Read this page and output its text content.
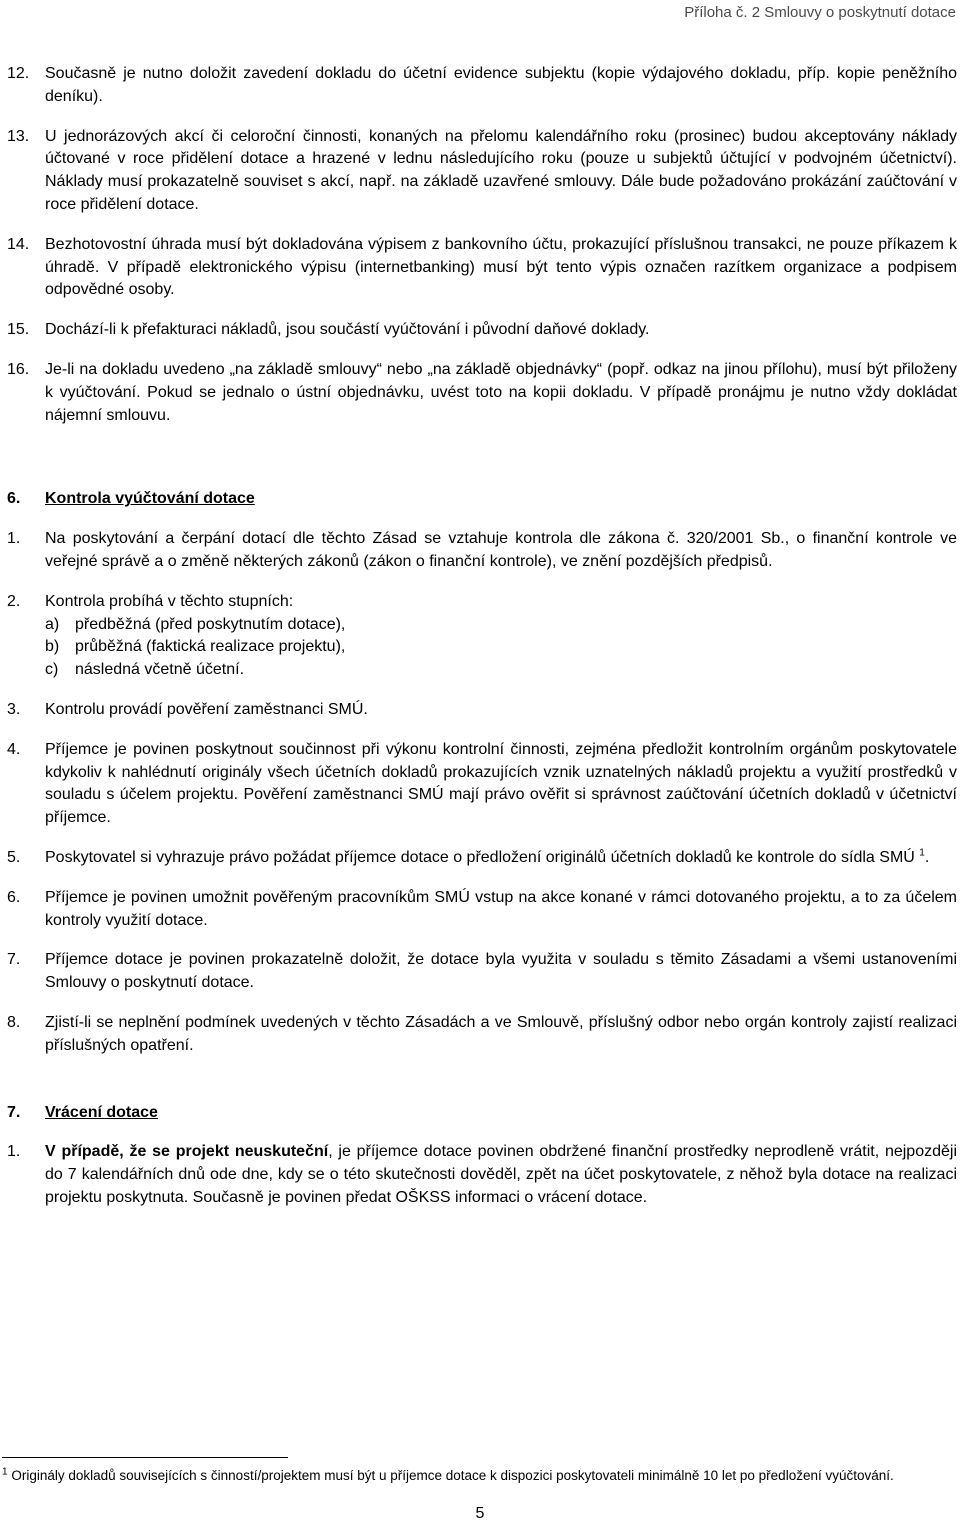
Příloha č. 2 Smlouvy o poskytnutí dotace
12. Současně je nutno doložit zavedení dokladu do účetní evidence subjektu (kopie výdajového dokladu, příp. kopie peněžního deníku).
13. U jednorázových akcí či celoroční činnosti, konaných na přelomu kalendářního roku (prosinec) budou akceptovány náklady účtované v roce přidělení dotace a hrazené v lednu následujícího roku (pouze u subjektů účtující v podvojném účetnictví). Náklady musí prokazatelně souviset s akcí, např. na základě uzavřené smlouvy. Dále bude požadováno prokázání zaúčtování v roce přidělení dotace.
14. Bezhotovostní úhrada musí být dokladována výpisem z bankovního účtu, prokazující příslušnou transakci, ne pouze příkazem k úhradě. V případě elektronického výpisu (internetbanking) musí být tento výpis označen razítkem organizace a podpisem odpovědné osoby.
15. Dochází-li k přefakturaci nákladů, jsou součástí vyúčtování i původní daňové doklady.
16. Je-li na dokladu uvedeno „na základě smlouvy“ nebo „na základě objednávky“ (popř. odkaz na jinou přílohu), musí být přiloženy k vyúčtování. Pokud se jednalo o ústní objednávku, uvést toto na kopii dokladu. V případě pronájmu je nutno vždy dokládat nájemní smlouvu.
6.	Kontrola vyúčtování dotace
1.	Na poskytování a čerpání dotací dle těchto Zásad se vztahuje kontrola dle zákona č. 320/2001 Sb., o finanční kontrole ve veřejné správě a o změně některých zákonů (zákon o finanční kontrole), ve znění pozdějších předpisů.
2.	Kontrola probíhá v těchto stupních:
a) předběžná (před poskytnutím dotace),
b) průběžná (faktická realizace projektu),
c)	následná včetně účetní.
3.	Kontrolu provádí pověření zaměstnanci SMÚ.
4.	Příjemce je povinen poskytnout součinnost při výkonu kontrolní činnosti, zejména předložit kontrolním orgánům poskytovatele kdykoliv k nahlédnutí originály všech účetních dokladů prokazujících vznik uznatelných nákladů projektu a využití prostředků v souladu s účelem projektu. Pověření zaměstnanci SMÚ mají právo ověřit si správnost zaúčtování účetních dokladů v účetnictví příjemce.
5.	Poskytovatel si vyhrazuje právo požádat příjemce dotace o předložení originálů účetních dokladů ke kontrole do sídla SMÚ $^1$.
6.	Příjemce je povinen umožnit pověřeným pracovníkům SMÚ vstup na akce konané v rámci dotovaného projektu, a to za účelem kontroly využití dotace.
7.	Příjemce dotace je povinen prokazatelně doložit, že dotace byla využita v souladu s těmito Zásadami a všemi ustanoveními Smlouvy o poskytnutí dotace.
8.	Zjistí-li se neplnění podmínek uvedených v těchto Zásadách a ve Smlouvě, příslušný odbor nebo orgán kontroly zajistí realizaci příslušných opatření.
7.	Vrácení dotace
1.	V případě, že se projekt neuskuteční, je příjemce dotace povinen obdržené finanční prostředky neprodleně vrátit, nejpozději do 7 kalendářních dnů ode dne, kdy se o této skutečnosti dověděl, zpět na účet poskytovatele, z něhož byla dotace na realizaci projektu poskytnuta. Současně je povinen předat OŠKSS informaci o vrácení dotace.
$^1$ Originály dokladů souvisejících s činností/projektem musí být u příjemce dotace k dispozici poskytovateli minimálně 10 let po předložení vyúčtování.
5
